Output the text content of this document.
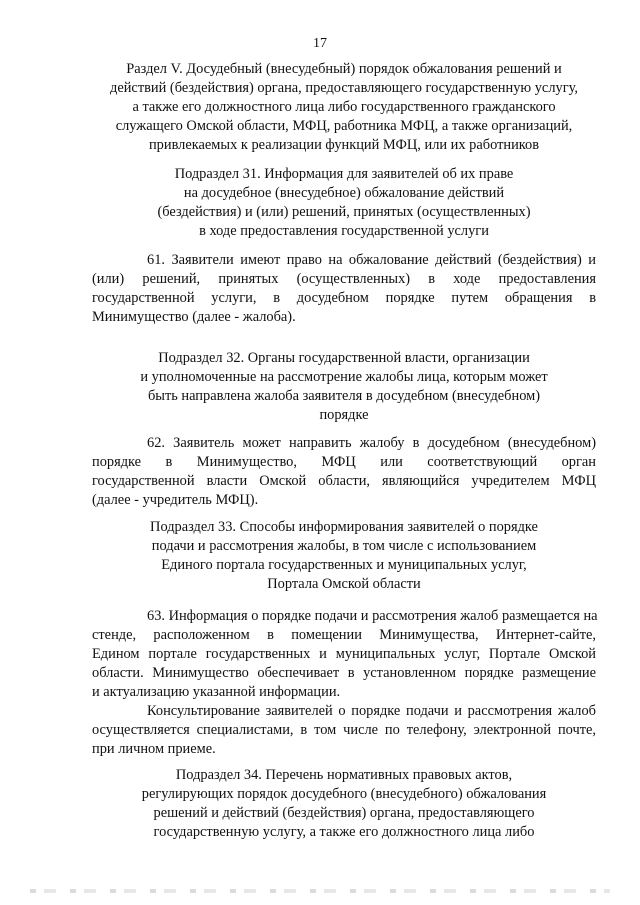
17
Раздел V. Досудебный (внесудебный) порядок обжалования решений и
действий (бездействия) органа, предоставляющего государственную услугу,
а также его должностного лица либо государственного гражданского
служащего Омской области, МФЦ, работника МФЦ, а также организаций,
привлекаемых к реализации функций МФЦ, или их работников
Подраздел 31. Информация для заявителей об их праве
на досудебное (внесудебное) обжалование действий
(бездействия) и (или) решений, принятых (осуществленных)
в ходе предоставления государственной услуги
61. Заявители имеют право на обжалование действий (бездействия) и
(или) решений, принятых (осуществленных) в ходе предоставления
государственной услуги, в досудебном порядке путем обращения в
Минимущество (далее - жалоба).
Подраздел 32. Органы государственной власти, организации
и уполномоченные на рассмотрение жалобы лица, которым может
быть направлена жалоба заявителя в досудебном (внесудебном)
порядке
62. Заявитель может направить жалобу в досудебном (внесудебном)
порядке в Минимущество, МФЦ или соответствующий орган
государственной власти Омской области, являющийся учредителем МФЦ
(далее - учредитель МФЦ).
Подраздел 33. Способы информирования заявителей о порядке
подачи и рассмотрения жалобы, в том числе с использованием
Единого портала государственных и муниципальных услуг,
Портала Омской области
63. Информация о порядке подачи и рассмотрения жалоб размещается на
стенде, расположенном в помещении Минимущества, Интернет-сайте,
Едином портале государственных и муниципальных услуг, Портале Омской
области. Минимущество обеспечивает в установленном порядке размещение
и актуализацию указанной информации.
Консультирование заявителей о порядке подачи и рассмотрения жалоб
осуществляется специалистами, в том числе по телефону, электронной почте,
при личном приеме.
Подраздел 34. Перечень нормативных правовых актов,
регулирующих порядок досудебного (внесудебного) обжалования
решений и действий (бездействия) органа, предоставляющего
государственную услугу, а также его должностного лица либо
